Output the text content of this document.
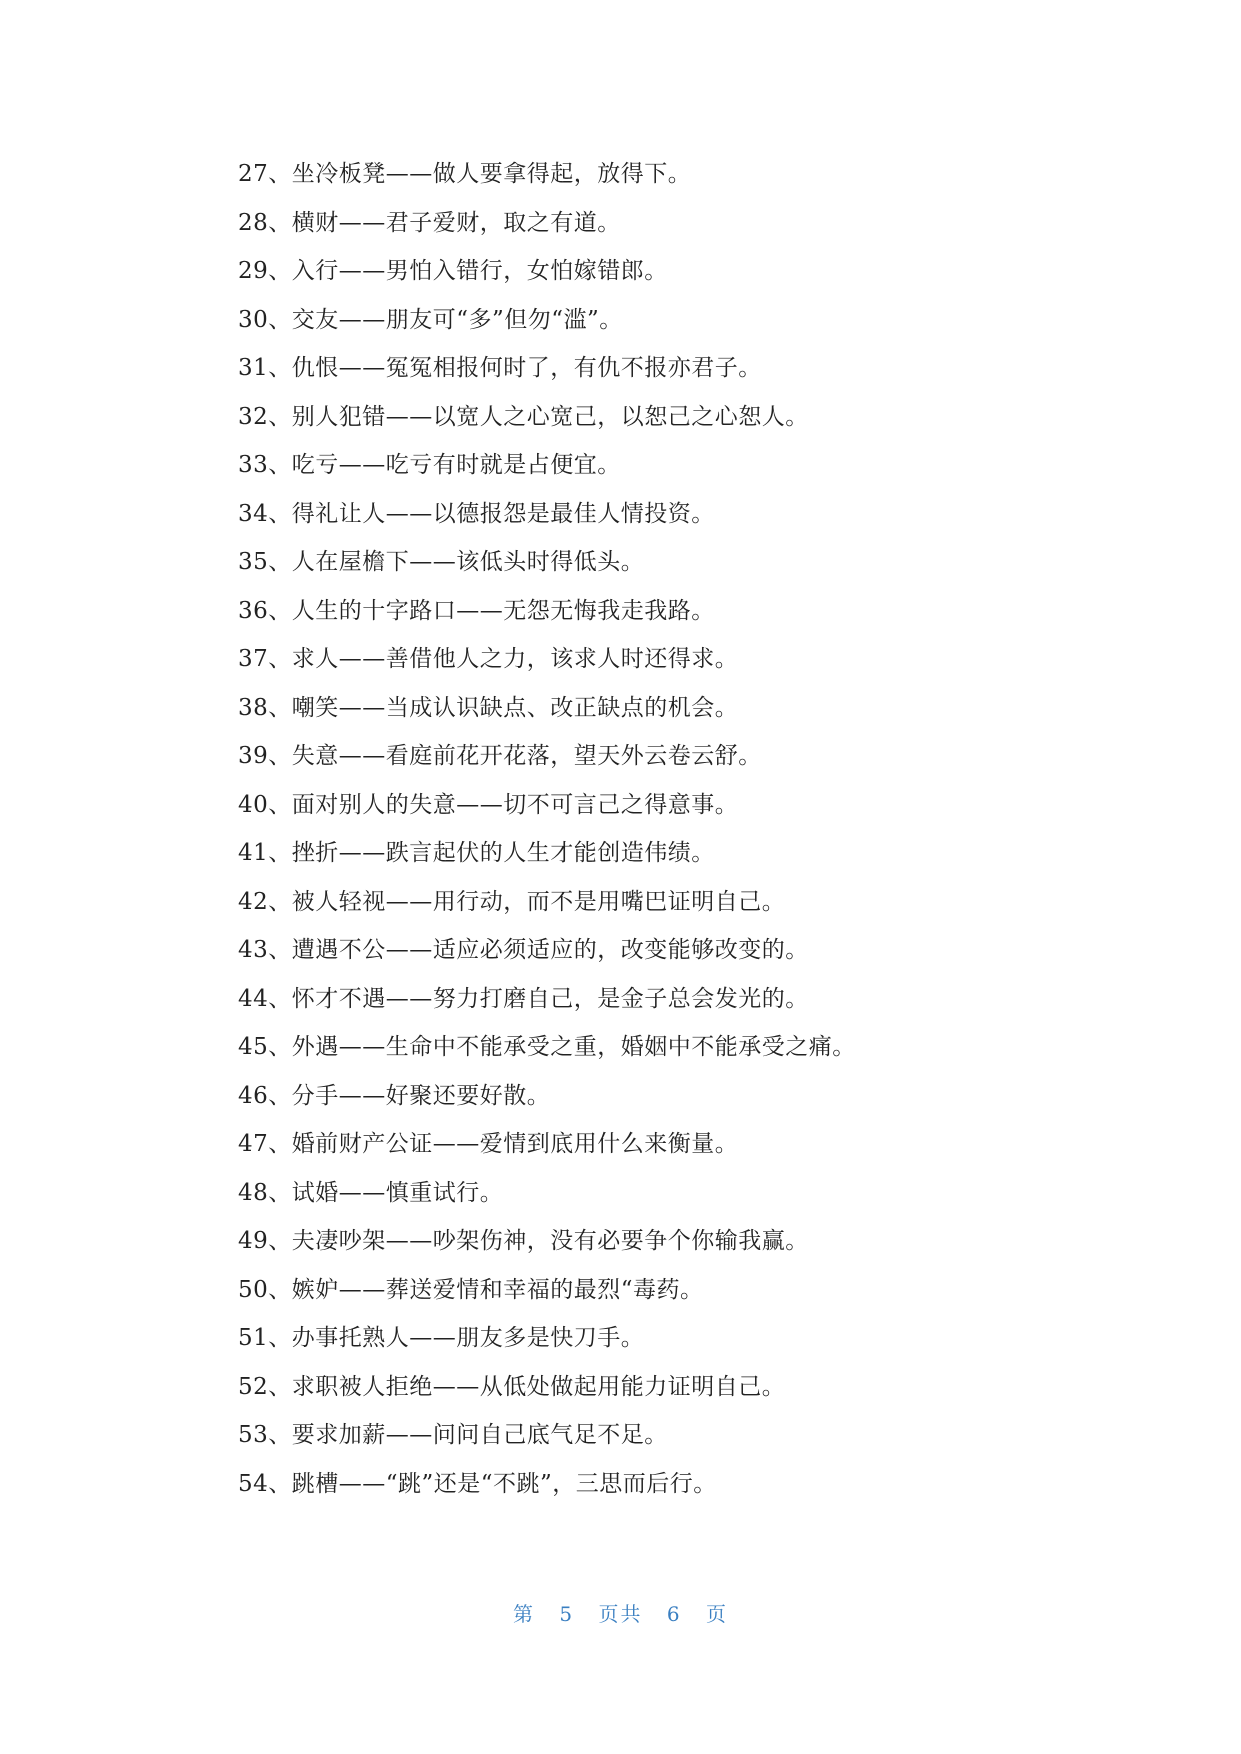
27、坐冷板凳——做人要拿得起，放得下。
28、横财——君子爱财，取之有道。
29、入行——男怕入错行，女怕嫁错郎。
30、交友——朋友可“多”但勿“滥”。
31、仇恨——冤冤相报何时了，有仇不报亦君子。
32、别人犯错——以宽人之心宽己，以恕己之心恕人。
33、吃亏——吃亏有时就是占便宜。
34、得礼让人——以德报怨是最佳人情投资。
35、人在屋檐下——该低头时得低头。
36、人生的十字路口——无怨无悔我走我路。
37、求人——善借他人之力，该求人时还得求。
38、嘲笑——当成认识缺点、改正缺点的机会。
39、失意——看庭前花开花落，望天外云卷云舒。
40、面对别人的失意——切不可言己之得意事。
41、挫折——跌言起伏的人生才能创造伟绩。
42、被人轻视——用行动，而不是用嘴巴证明自己。
43、遭遇不公——适应必须适应的，改变能够改变的。
44、怀才不遇——努力打磨自己，是金子总会发光的。
45、外遇——生命中不能承受之重，婚姻中不能承受之痛。
46、分手——好聚还要好散。
47、婚前财产公证——爱情到底用什么来衡量。
48、试婚——慎重试行。
49、夫凄吵架——吵架伤神，没有必要争个你输我赢。
50、嫉妒——葬送爱情和幸福的最烈“毒药。
51、办事托熟人——朋友多是快刀手。
52、求职被人拒绝——从低处做起用能力证明自己。
53、要求加薪——问问自己底气足不足。
54、跳槽——“跳”还是“不跳”，三思而后行。
第 5 页共 6 页
